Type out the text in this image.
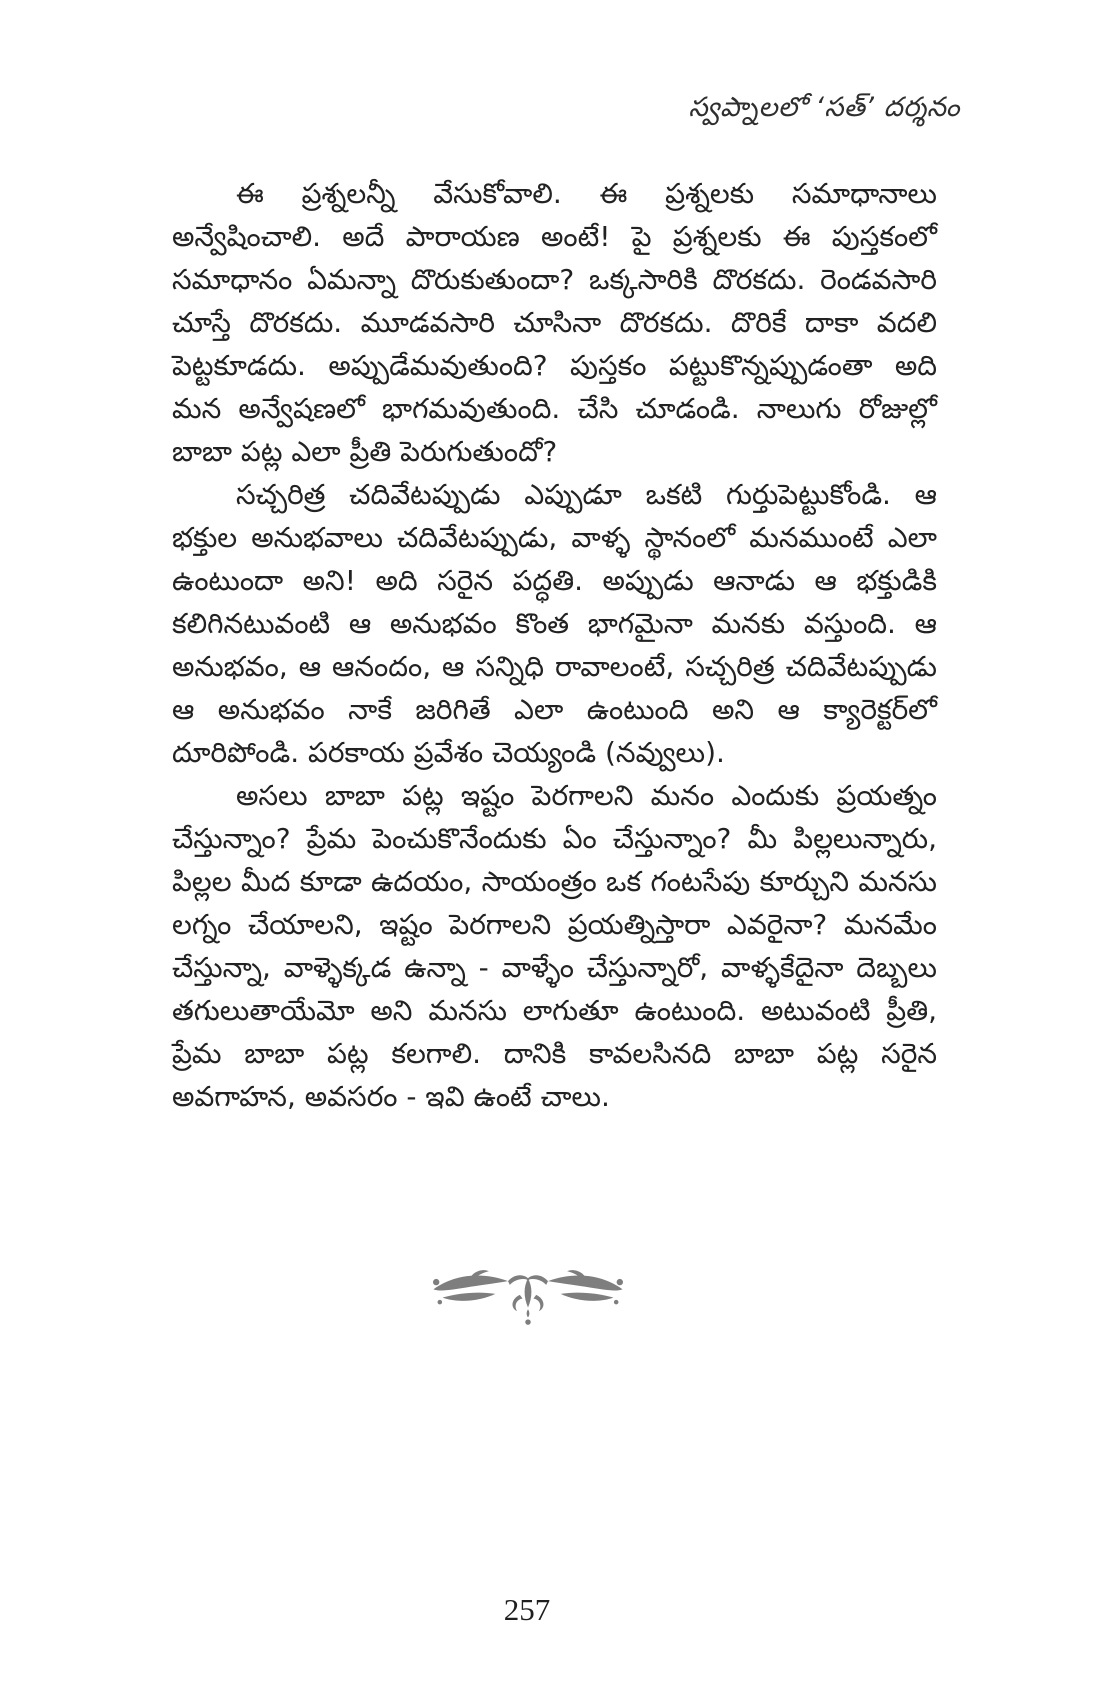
స్వప్నాలలో ‘సత్’ దర్శనం

ఈ ప్రశ్నలన్నీ వేసుకోవాలి. ఈ ప్రశ్నలకు సమాధానాలు అన్వేషించాలి. అదే పారాయణ అంటే! పై ప్రశ్నలకు ఈ పుస్తకంలో సమాధానం ఏమన్నా దొరుకుతుందా? ఒక్కసారికి దొరకదు. రెండవసారి చూస్తే దొరకదు. మూడవసారి చూసినా దొరకదు. దొరికే దాకా వదలి పెట్టకూడదు. అప్పుడేమవుతుంది? పుస్తకం పట్టుకొన్నప్పుడంతా అది మన అన్వేషణలో భాగమవుతుంది. చేసి చూడండి. నాలుగు రోజుల్లో బాబా పట్ల ఎలా ప్రీతి పెరుగుతుందో?

సచ్చరిత్ర చదివేటప్పుడు ఎప్పుడూ ఒకటి గుర్తుపెట్టుకోండి. ఆ భక్తుల అనుభవాలు చదివేటప్పుడు, వాళ్ళ స్థానంలో మనముంటే ఎలా ఉంటుందా అని! అది సరైన పద్ధతి. అప్పుడు ఆనాడు ఆ భక్తుడికి కలిగినటువంటి ఆ అనుభవం కొంత భాగమైనా మనకు వస్తుంది. ఆ అనుభవం, ఆ ఆనందం, ఆ సన్నిధి రావాలంటే, సచ్చరిత్ర చదివేటప్పుడు ఆ అనుభవం నాకే జరిగితే ఎలా ఉంటుంది అని ఆ క్యారెక్టర్‌లో దూరిపోండి. పరకాయ ప్రవేశం చెయ్యండి (నవ్వులు).

అసలు బాబా పట్ల ఇష్టం పెరగాలని మనం ఎందుకు ప్రయత్నం చేస్తున్నాం? ప్రేమ పెంచుకొనేందుకు ఏం చేస్తున్నాం? మీ పిల్లలున్నారు, పిల్లల మీద కూడా ఉదయం, సాయంత్రం ఒక గంటసేపు కూర్చుని మనసు లగ్నం చేయాలని, ఇష్టం పెరగాలని ప్రయత్నిస్తారా ఎవరైనా? మనమేం చేస్తున్నా, వాళ్ళెక్కడ ఉన్నా - వాళ్ళేం చేస్తున్నారో, వాళ్ళకేదైనా దెబ్బలు తగులుతాయేమో అని మనసు లాగుతూ ఉంటుంది. అటువంటి ప్రీతి, ప్రేమ బాబా పట్ల కలగాలి. దానికి కావలసినది బాబా పట్ల సరైన అవగాహన, అవసరం - ఇవి ఉంటే చాలు.

257
